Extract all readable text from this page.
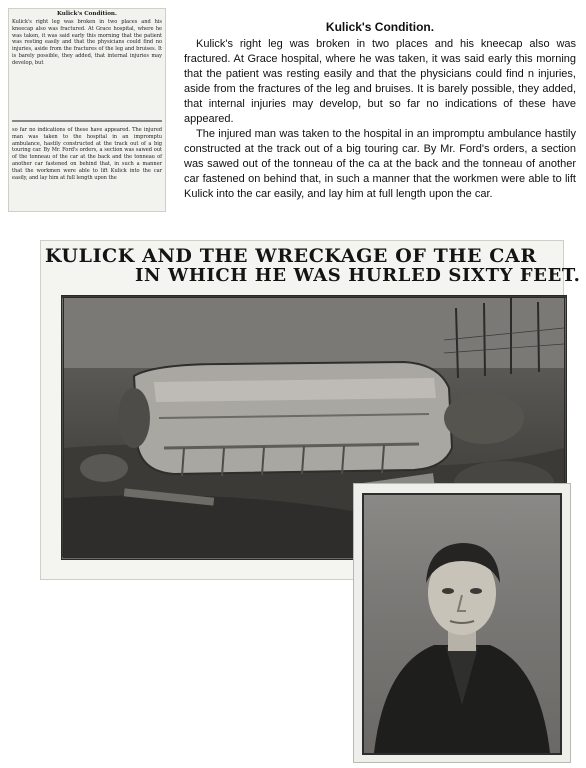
Kulick's Condition.

Kulick's right leg was broken in two places and his kneecap also was fractured. At Grace hospital, where he was taken, it was said early this morning that the patient was resting easily and that the physicians could find no injuries, aside from the fractures of the leg and bruises. It is barely possible, they added, that internal injuries may develop, but

so far no indications of these have appeared. The injured man was taken to the hospital in an impromptu ambulance, hastily constructed at the track out of a big touring car. By Mr. Ford's orders, a section was sawed out of the tonneau of the car at the back and the tonneau of another car fastened on behind that, in such a manner that the workmen were able to lift Kulick into the car easily, and lay him at full length upon the

Kulick's Condition.

Kulick's right leg was broken in two places and his kneecap also was fractured. At Grace hospital, where he was taken, it was said early this morning that the patient was resting easily and that the physicians could find n injuries, aside from the fractures of the leg and bruises. It is barely possible, they added, that internal injuries may develop, but so far no indications of these have appeared.

The injured man was taken to the hospital in an impromptu ambulance hastily constructed at the track out of a big touring car. By Mr. Ford's orders, a section was sawed out of the tonneau of the ca at the back and the tonneau of another car fastened on behind that, in such a manner that the workmen were able to lift Kulick into the car easily, and lay him at full length upon the car.

KULICK AND THE WRECKAGE OF THE CAR
IN WHICH HE WAS HURLED SIXTY FEET.
